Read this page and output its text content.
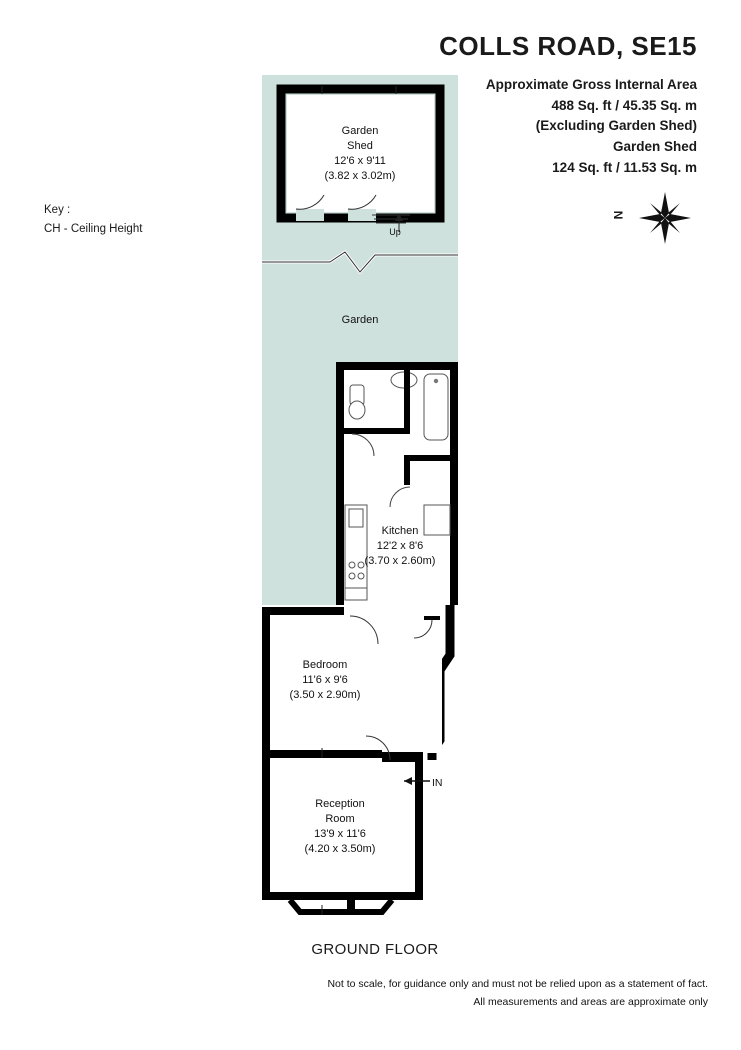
COLLS ROAD, SE15
Approximate Gross Internal Area
488 Sq. ft / 45.35 Sq. m
(Excluding Garden Shed)
Garden Shed
124 Sq. ft / 11.53 Sq. m
Key :
CH - Ceiling Height
N
Garden
Shed
12'6 x 9'11
(3.82 x 3.02m)
Garden
Kitchen
12'2 x 8'6
(3.70 x 2.60m)
Bedroom
11'6 x 9'6
(3.50 x 2.90m)
Reception
Room
13'9 x 11'6
(4.20 x 3.50m)
Up
IN
GROUND FLOOR
Not to scale, for guidance only and must not be relied upon as a statement of fact.
All measurements and areas are approximate only
